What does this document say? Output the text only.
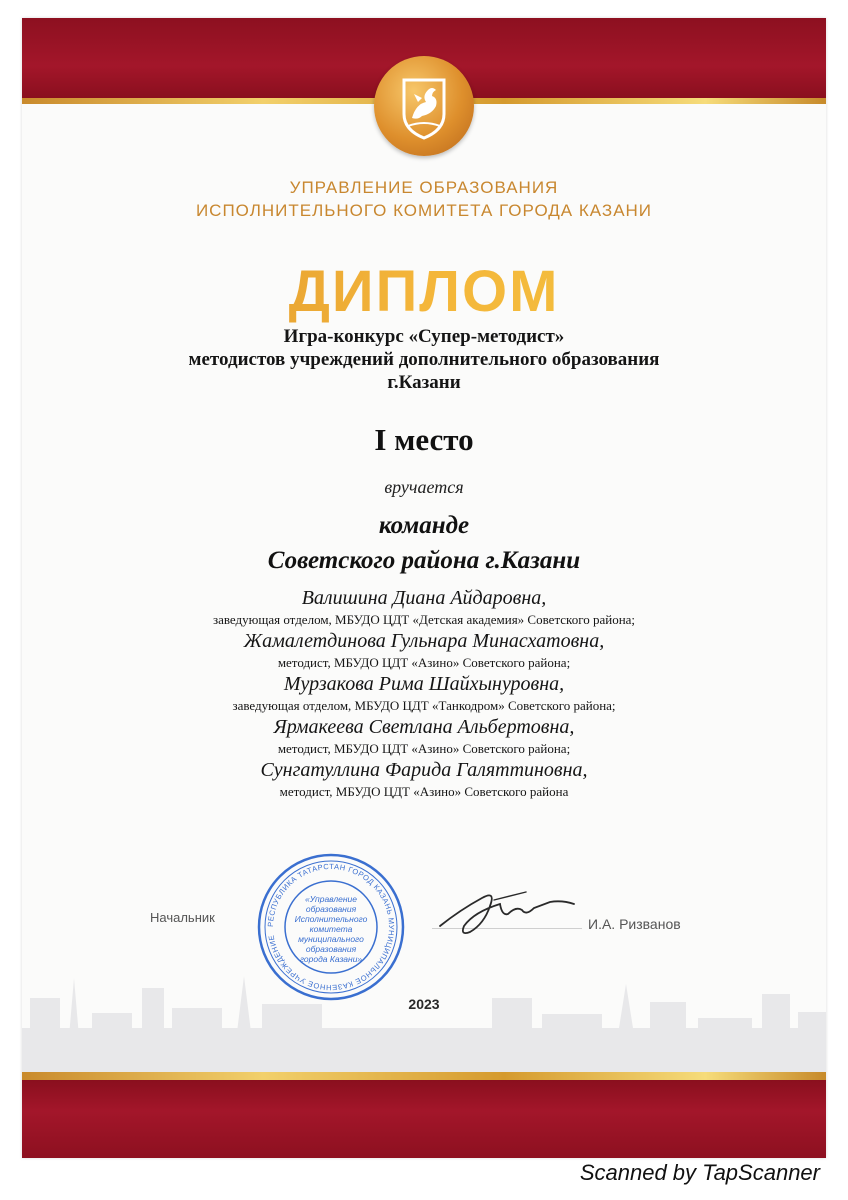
УПРАВЛЕНИЕ ОБРАЗОВАНИЯ
ИСПОЛНИТЕЛЬНОГО КОМИТЕТА ГОРОДА КАЗАНИ
ДИПЛОМ
Игра-конкурс «Супер-методист»
методистов учреждений дополнительного образования
г.Казани
I место
вручается
команде
Советского района г.Казани
Валишина Диана Айдаровна,
заведующая отделом, МБУДО ЦДТ «Детская академия» Советского района;
Жамалетдинова Гульнара Минасхатовна,
методист, МБУДО ЦДТ «Азино» Советского района;
Мурзакова Рима Шайхынуровна,
заведующая отделом, МБУДО ЦДТ «Танкодром» Советского района;
Ярмакеева Светлана Альбертовна,
методист, МБУДО ЦДТ «Азино» Советского района;
Сунгатуллина Фарида Галяттиновна,
методист, МБУДО ЦДТ «Азино» Советского района
Начальник	И.А. Ризванов
РЕСПУБЛИКА ТАТАРСТАН ГОРОД КАЗАНЬ МУНИЦИПАЛЬНОЕ КАЗЕННОЕ УЧРЕЖДЕНИЕ
«Управление
образования
Исполнительного
комитета
муниципального
образования
города Казани»
2023
Scanned by TapScanner
